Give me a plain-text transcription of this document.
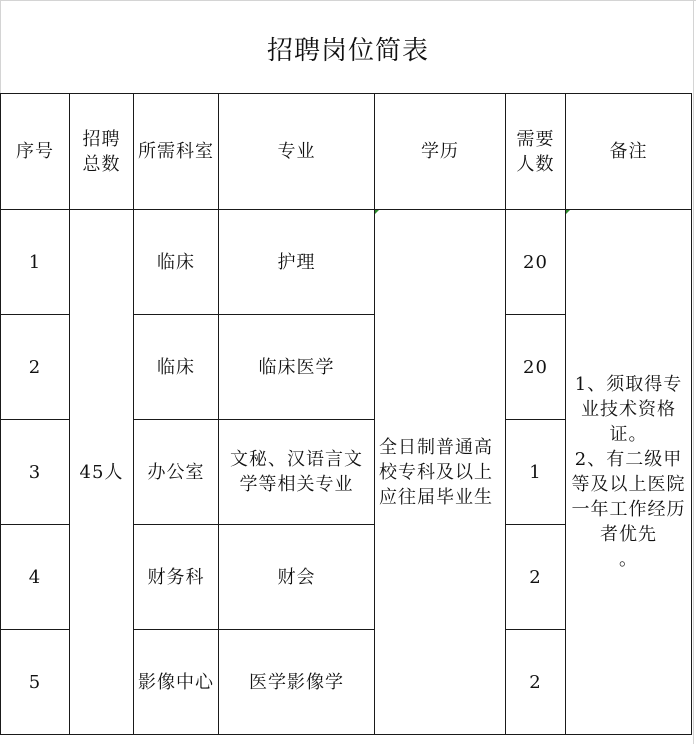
招聘岗位简表
序号	招聘总数	所需科室	专业	学历	需要人数	备注
1	45人	临床	护理	全日制普通高校专科及以上应往届毕业生	20	1、须取得专业技术资格证。
2、有二级甲等及以上医院一年工作经历者优先
。
2		临床	临床医学		20	
3		办公室	文秘、汉语言文学等相关专业		1	
4		财务科	财会		2	
5		影像中心	医学影像学		2	
